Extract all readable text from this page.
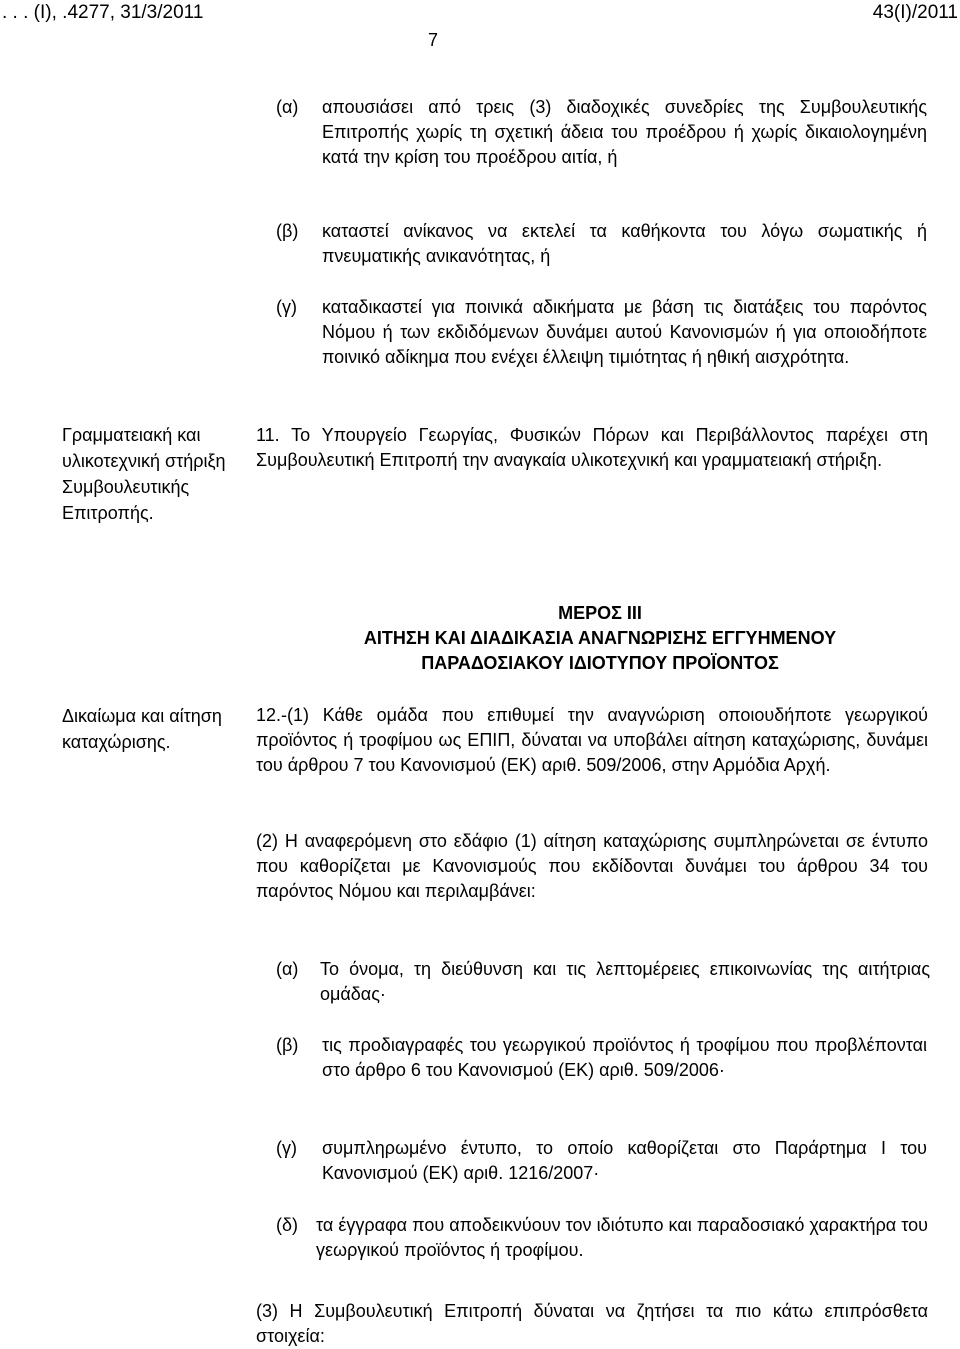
. . . (Ι), .4277, 31/3/2011	43(Ι)/2011
7
(α) απουσιάσει από τρεις (3) διαδοχικές συνεδρίες της Συμβουλευτικής Επιτροπής χωρίς τη σχετική άδεια του προέδρου ή χωρίς δικαιολογημένη κατά την κρίση του προέδρου αιτία, ή
(β) καταστεί ανίκανος να εκτελεί τα καθήκοντα του λόγω σωματικής ή πνευματικής ανικανότητας, ή
(γ) καταδικαστεί για ποινικά αδικήματα με βάση τις διατάξεις του παρόντος Νόμου ή των εκδιδόμενων δυνάμει αυτού Κανονισμών ή για οποιοδήποτε ποινικό αδίκημα που ενέχει έλλειψη τιμιότητας ή ηθική αισχρότητα.
Γραμματειακή και υλικοτεχνική στήριξη Συμβουλευτικής Επιτροπής.
11. Το Υπουργείο Γεωργίας, Φυσικών Πόρων και Περιβάλλοντος παρέχει στη Συμβουλευτική Επιτροπή την αναγκαία υλικοτεχνική και γραμματειακή στήριξη.
ΜΕΡΟΣ ΙΙΙ
ΑΙΤΗΣΗ ΚΑΙ ΔΙΑΔΙΚΑΣΙΑ ΑΝΑΓΝΩΡΙΣΗΣ ΕΓΓΥΗΜΕΝΟΥ
ΠΑΡΑΔΟΣΙΑΚΟΥ ΙΔΙΟΤΥΠΟΥ ΠΡΟΪΟΝΤΟΣ
Δικαίωμα και αίτηση καταχώρισης.
12.-(1) Κάθε ομάδα που επιθυμεί την αναγνώριση οποιουδήποτε γεωργικού προϊόντος ή τροφίμου ως ΕΠΙΠ, δύναται να υποβάλει αίτηση καταχώρισης, δυνάμει του άρθρου 7 του Κανονισμού (ΕΚ) αριθ. 509/2006, στην Αρμόδια Αρχή.
(2) Η αναφερόμενη στο εδάφιο (1) αίτηση καταχώρισης συμπληρώνεται σε έντυπο που καθορίζεται με Κανονισμούς που εκδίδονται δυνάμει του άρθρου 34 του παρόντος Νόμου και περιλαμβάνει:
(α) Το όνομα, τη διεύθυνση και τις λεπτομέρειες επικοινωνίας της αιτήτριας ομάδας·
(β) τις προδιαγραφές του γεωργικού προϊόντος ή τροφίμου που προβλέπονται στο άρθρο 6 του Κανονισμού (ΕΚ) αριθ. 509/2006·
(γ) συμπληρωμένο έντυπο, το οποίο καθορίζεται στο Παράρτημα Ι του Κανονισμού (ΕΚ) αριθ. 1216/2007·
(δ) τα έγγραφα που αποδεικνύουν τον ιδιότυπο και παραδοσιακό χαρακτήρα του γεωργικού προϊόντος ή τροφίμου.
(3) Η Συμβουλευτική Επιτροπή δύναται να ζητήσει τα πιο κάτω επιπρόσθετα στοιχεία:
